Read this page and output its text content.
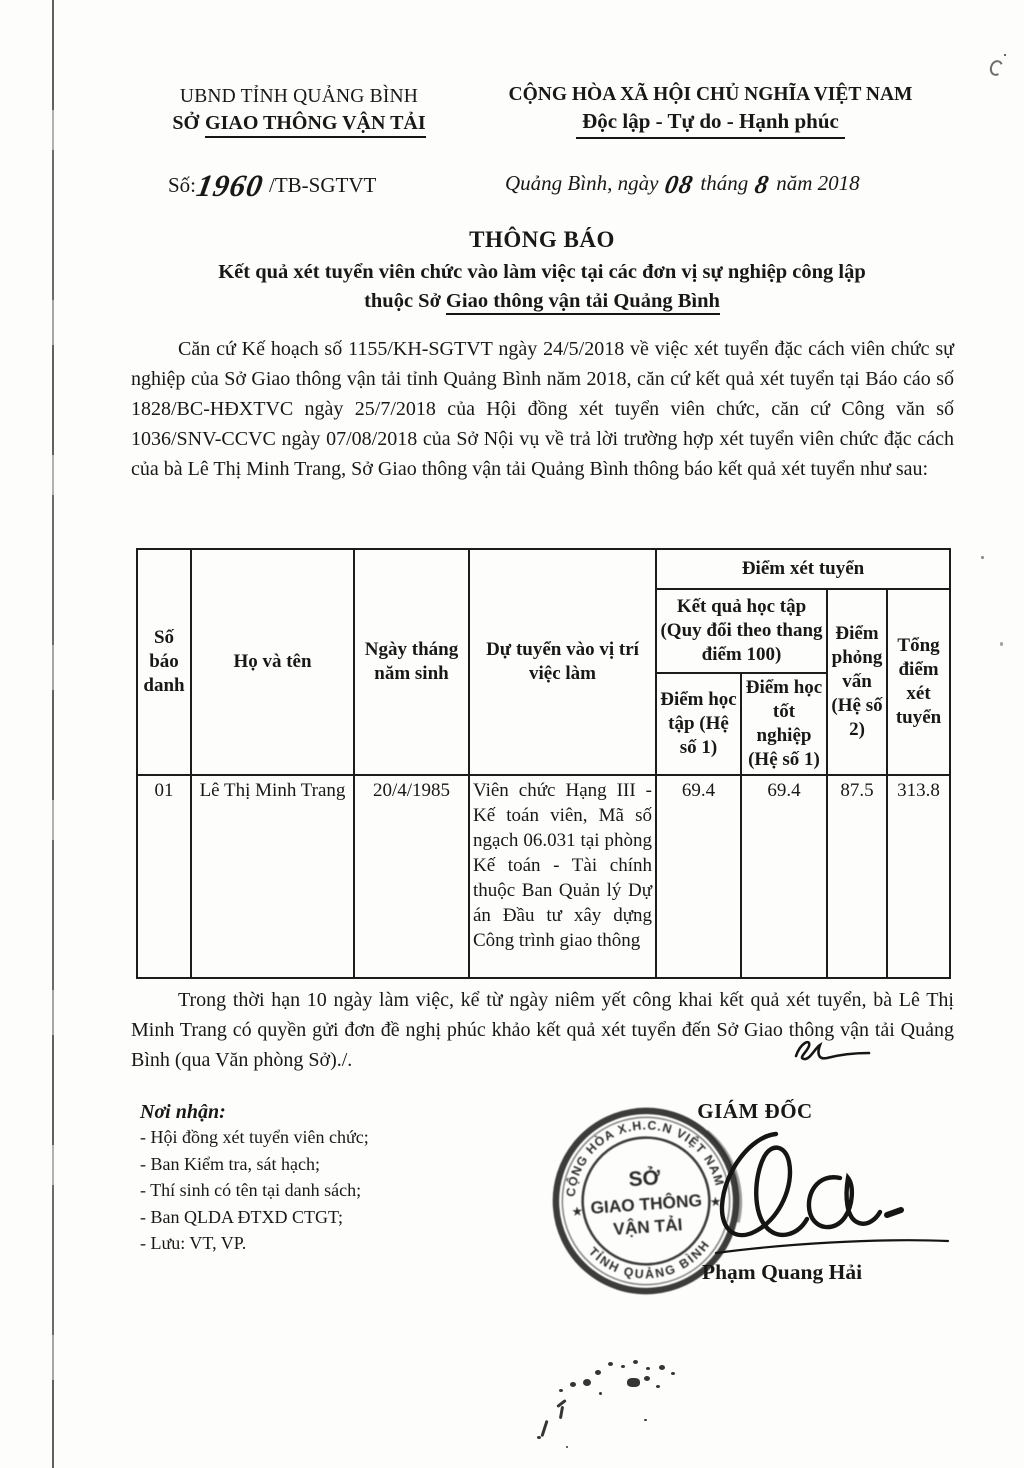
UBND TỈNH QUẢNG BÌNH
SỞ GIAO THÔNG VẬN TẢI
CỘNG HÒA XÃ HỘI CHỦ NGHĨA VIỆT NAM
Độc lập - Tự do - Hạnh phúc
Số:1960 /TB-SGTVT	Quảng Bình, ngày 08 tháng 8 năm 2018
THÔNG BÁO
Kết quả xét tuyển viên chức vào làm việc tại các đơn vị sự nghiệp công lập
thuộc Sở Giao thông vận tải Quảng Bình
Căn cứ Kế hoạch số 1155/KH-SGTVT ngày 24/5/2018 về việc xét tuyển đặc cách viên chức sự nghiệp của Sở Giao thông vận tải tỉnh Quảng Bình năm 2018, căn cứ kết quả xét tuyển tại Báo cáo số 1828/BC-HĐXTVC ngày 25/7/2018 của Hội đồng xét tuyển viên chức, căn cứ Công văn số 1036/SNV-CCVC ngày 07/08/2018 của Sở Nội vụ về trả lời trường hợp xét tuyển viên chức đặc cách của bà Lê Thị Minh Trang, Sở Giao thông vận tải Quảng Bình thông báo kết quả xét tuyển như sau:
Số báo danh	Họ và tên	Ngày tháng năm sinh	Dự tuyển vào vị trí việc làm	Điểm xét tuyển			
				Kết quả học tập (Quy đổi theo thang điểm 100)		Điểm phỏng vấn (Hệ số 2)	Tổng điểm xét tuyển
				Điểm học tập (Hệ số 1)	Điểm học tốt nghiệp (Hệ số 1)		
01	Lê Thị Minh Trang	20/4/1985	Viên chức Hạng III - Kế toán viên, Mã số ngạch 06.031 tại phòng Kế toán - Tài chính thuộc Ban Quản lý Dự án Đầu tư xây dựng Công trình giao thông	69.4	69.4	87.5	313.8
Trong thời hạn 10 ngày làm việc, kể từ ngày niêm yết công khai kết quả xét tuyển, bà Lê Thị Minh Trang có quyền gửi đơn đề nghị phúc khảo kết quả xét tuyển đến Sở Giao thông vận tải Quảng Bình (qua Văn phòng Sở)./.
Nơi nhận:
- Hội đồng xét tuyển viên chức;
- Ban Kiểm tra, sát hạch;
- Thí sinh có tên tại danh sách;
- Ban QLDA ĐTXD CTGT;
- Lưu: VT, VP.
GIÁM ĐỐC
CỘNG HÒA X.H.C.N VIỆT NAM
TỈNH QUẢNG BÌNH
SỞ
GIAO THÔNG
VẬN TẢI
★
★
Phạm Quang Hải
